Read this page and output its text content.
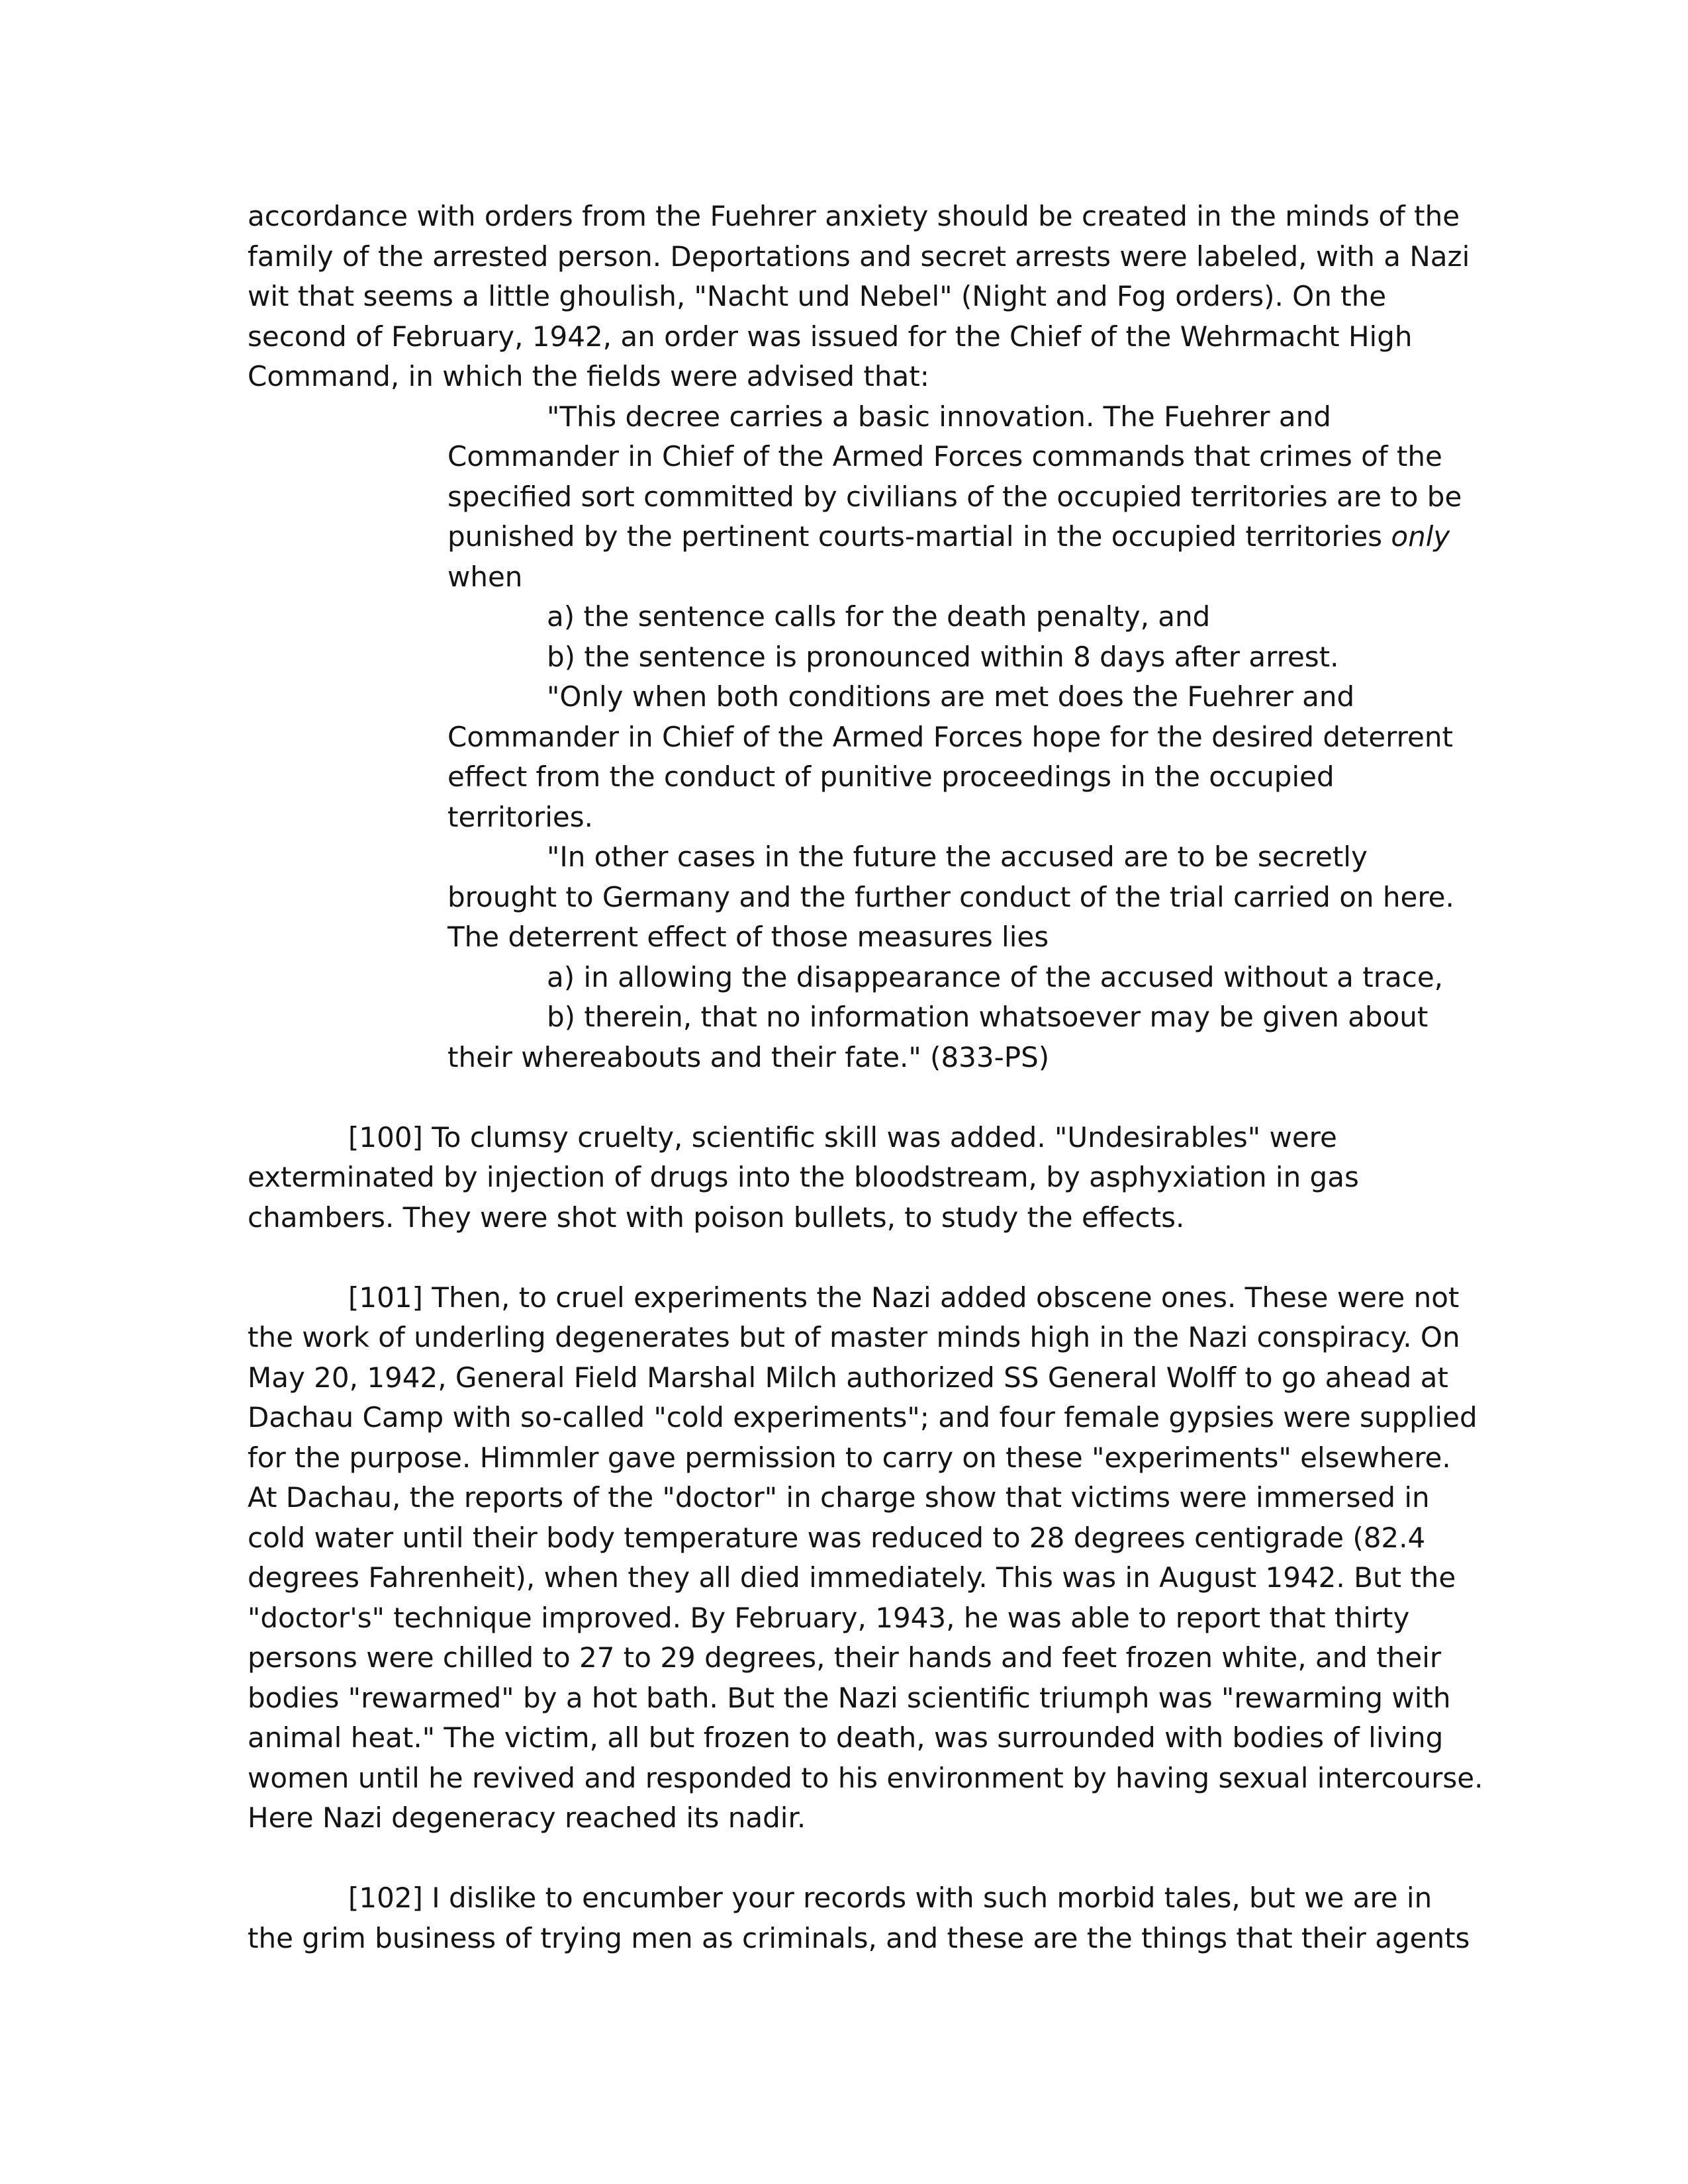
accordance with orders from the Fuehrer anxiety should be created in the minds of the
family of the arrested person. Deportations and secret arrests were labeled, with a Nazi
wit that seems a little ghoulish, "Nacht und Nebel" (Night and Fog orders). On the
second of February, 1942, an order was issued for the Chief of the Wehrmacht High
Command, in which the fields were advised that:
"This decree carries a basic innovation. The Fuehrer and
Commander in Chief of the Armed Forces commands that crimes of the
specified sort committed by civilians of the occupied territories are to be
punished by the pertinent courts-martial in the occupied territories only
when
a) the sentence calls for the death penalty, and
b) the sentence is pronounced within 8 days after arrest.
"Only when both conditions are met does the Fuehrer and
Commander in Chief of the Armed Forces hope for the desired deterrent
effect from the conduct of punitive proceedings in the occupied
territories.
"In other cases in the future the accused are to be secretly
brought to Germany and the further conduct of the trial carried on here.
The deterrent effect of those measures lies
a) in allowing the disappearance of the accused without a trace,
b) therein, that no information whatsoever may be given about
their whereabouts and their fate." (833-PS)
[100] To clumsy cruelty, scientific skill was added. "Undesirables" were
exterminated by injection of drugs into the bloodstream, by asphyxiation in gas
chambers. They were shot with poison bullets, to study the effects.
[101] Then, to cruel experiments the Nazi added obscene ones. These were not
the work of underling degenerates but of master minds high in the Nazi conspiracy. On
May 20, 1942, General Field Marshal Milch authorized SS General Wolff to go ahead at
Dachau Camp with so-called "cold experiments"; and four female gypsies were supplied
for the purpose. Himmler gave permission to carry on these "experiments" elsewhere.
At Dachau, the reports of the "doctor" in charge show that victims were immersed in
cold water until their body temperature was reduced to 28 degrees centigrade (82.4
degrees Fahrenheit), when they all died immediately. This was in August 1942. But the
"doctor's" technique improved. By February, 1943, he was able to report that thirty
persons were chilled to 27 to 29 degrees, their hands and feet frozen white, and their
bodies "rewarmed" by a hot bath. But the Nazi scientific triumph was "rewarming with
animal heat." The victim, all but frozen to death, was surrounded with bodies of living
women until he revived and responded to his environment by having sexual intercourse.
Here Nazi degeneracy reached its nadir.
[102] I dislike to encumber your records with such morbid tales, but we are in
the grim business of trying men as criminals, and these are the things that their agents
